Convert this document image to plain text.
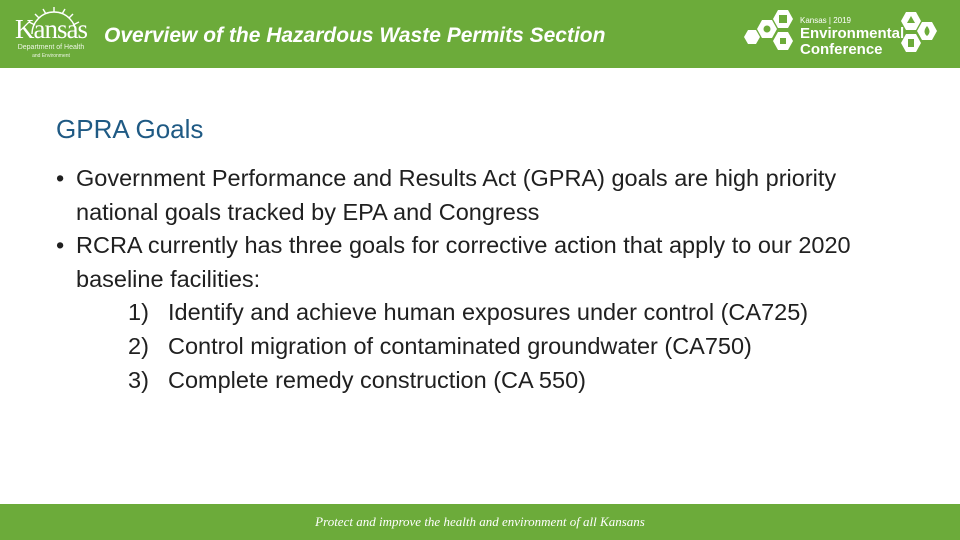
Kansas
Department of Health
and Environment
Overview of the Hazardous Waste Permits Section
Kansas | 2019
Environmental
Conference
GPRA Goals
• Government Performance and Results Act (GPRA) goals are high priority national goals tracked by EPA and Congress
• RCRA currently has three goals for corrective action that apply to our 2020 baseline facilities:
1) Identify and achieve human exposures under control (CA725)
2) Control migration of contaminated groundwater (CA750)
3) Complete remedy construction (CA 550)
Protect and improve the health and environment of all Kansans
